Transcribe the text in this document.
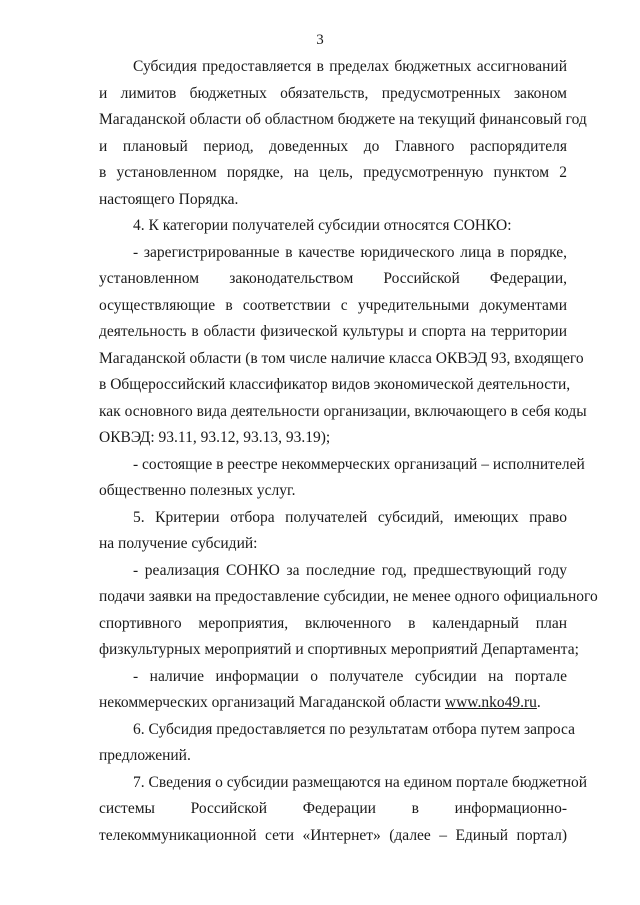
3
Субсидия предоставляется в пределах бюджетных ассигнований
и лимитов бюджетных обязательств, предусмотренных законом
Магаданской области об областном бюджете на текущий финансовый год
и плановый период, доведенных до Главного распорядителя
в установленном порядке, на цель, предусмотренную пунктом 2
настоящего Порядка.
4. К категории получателей субсидии относятся СОНКО:
- зарегистрированные в качестве юридического лица в порядке,
установленном законодательством Российской Федерации,
осуществляющие в соответствии с учредительными документами
деятельность в области физической культуры и спорта на территории
Магаданской области (в том числе наличие класса ОКВЭД 93, входящего
в Общероссийский классификатор видов экономической деятельности,
как основного вида деятельности организации, включающего в себя коды
ОКВЭД: 93.11, 93.12, 93.13, 93.19);
- состоящие в реестре некоммерческих организаций – исполнителей
общественно полезных услуг.
5. Критерии отбора получателей субсидий, имеющих право
на получение субсидий:
- реализация СОНКО за последние год, предшествующий году
подачи заявки на предоставление субсидии, не менее одного официального
спортивного мероприятия, включенного в календарный план
физкультурных мероприятий и спортивных мероприятий Департамента;
- наличие информации о получателе субсидии на портале
некоммерческих организаций Магаданской области www.nko49.ru.
6. Субсидия предоставляется по результатам отбора путем запроса
предложений.
7. Сведения о субсидии размещаются на едином портале бюджетной
системы Российской Федерации в информационно-
телекоммуникационной сети «Интернет» (далее – Единый портал)
